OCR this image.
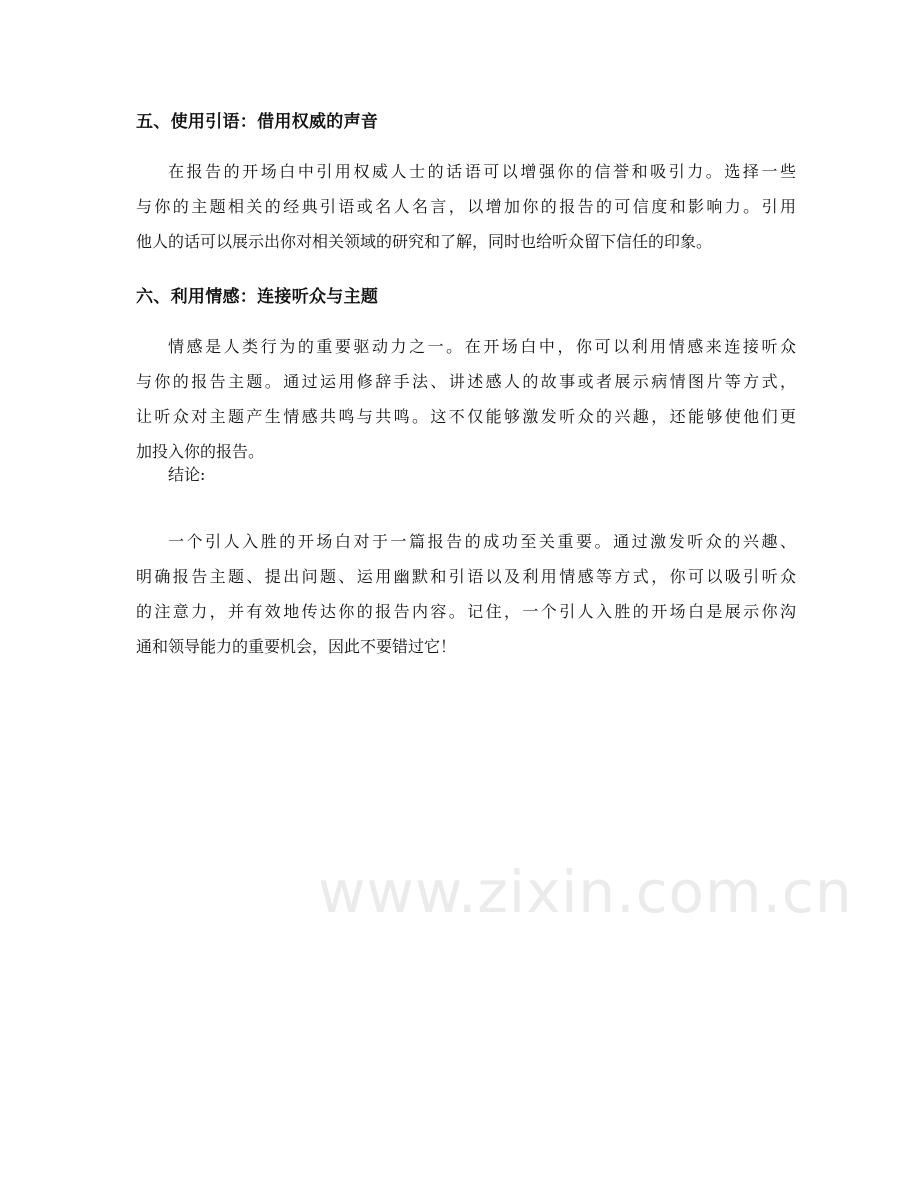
五、使用引语：借用权威的声音
在报告的开场白中引用权威人士的话语可以增强你的信誉和吸引力。选择一些
与你的主题相关的经典引语或名人名言，以增加你的报告的可信度和影响力。引用
他人的话可以展示出你对相关领域的研究和了解，同时也给听众留下信任的印象。
六、利用情感：连接听众与主题
情感是人类行为的重要驱动力之一。在开场白中，你可以利用情感来连接听众
与你的报告主题。通过运用修辞手法、讲述感人的故事或者展示病情图片等方式，
让听众对主题产生情感共鸣与共鸣。这不仅能够激发听众的兴趣，还能够使他们更
加投入你的报告。
结论:
一个引人入胜的开场白对于一篇报告的成功至关重要。通过激发听众的兴趣、
明确报告主题、提出问题、运用幽默和引语以及利用情感等方式，你可以吸引听众
的注意力，并有效地传达你的报告内容。记住，一个引人入胜的开场白是展示你沟
通和领导能力的重要机会，因此不要错过它！
www.zixin.com.cn
